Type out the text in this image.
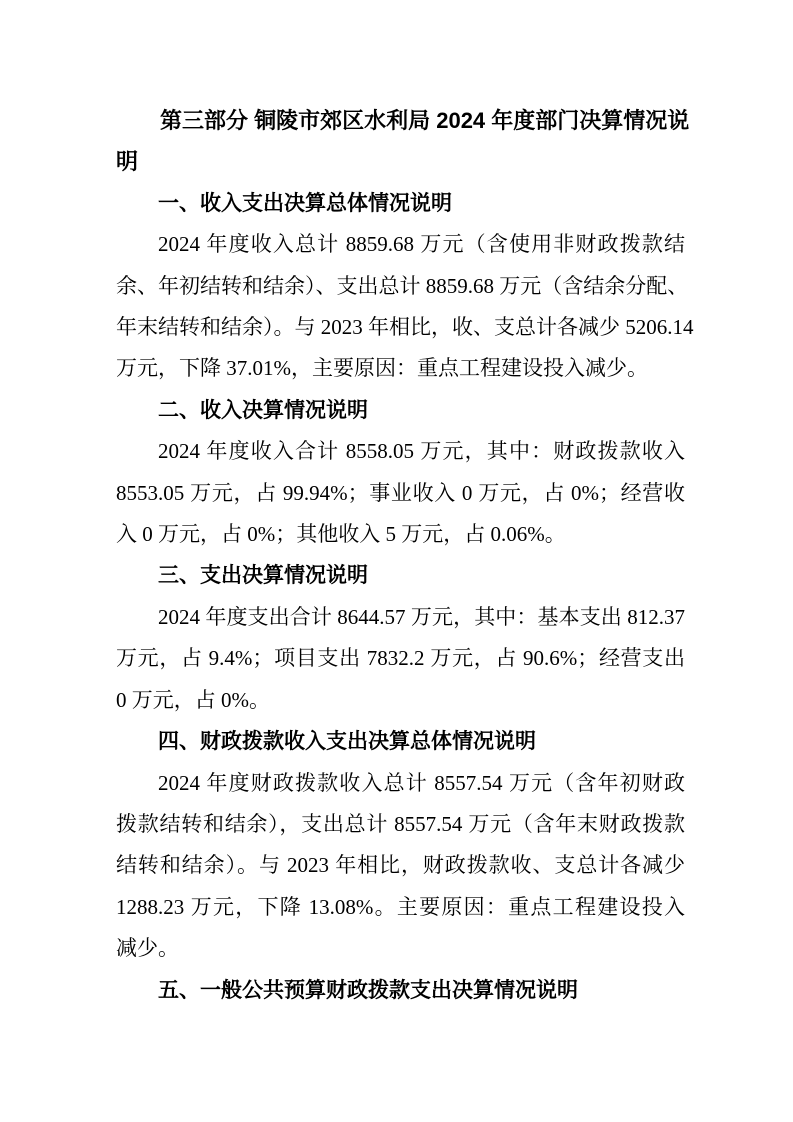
第三部分 铜陵市郊区水利局 2024 年度部门决算情况说
明
一、收入支出决算总体情况说明
2024 年度收入总计 8859.68 万元（含使用非财政拨款结
余、年初结转和结余）、支出总计 8859.68 万元（含结余分配、
年末结转和结余）。与 2023 年相比，收、支总计各减少 5206.14
万元，下降 37.01%，主要原因：重点工程建设投入减少。
二、收入决算情况说明
2024 年度收入合计 8558.05 万元，其中：财政拨款收入
8553.05 万元，占 99.94%；事业收入 0 万元，占 0%；经营收
入 0 万元，占 0%；其他收入 5 万元，占 0.06%。
三、支出决算情况说明
2024 年度支出合计 8644.57 万元，其中：基本支出 812.37
万元，占 9.4%；项目支出 7832.2 万元，占 90.6%；经营支出
0 万元，占 0%。
四、财政拨款收入支出决算总体情况说明
2024 年度财政拨款收入总计 8557.54 万元（含年初财政
拨款结转和结余），支出总计 8557.54 万元（含年末财政拨款
结转和结余）。与 2023 年相比，财政拨款收、支总计各减少
1288.23 万元，下降 13.08%。主要原因：重点工程建设投入
减少。
五、一般公共预算财政拨款支出决算情况说明
